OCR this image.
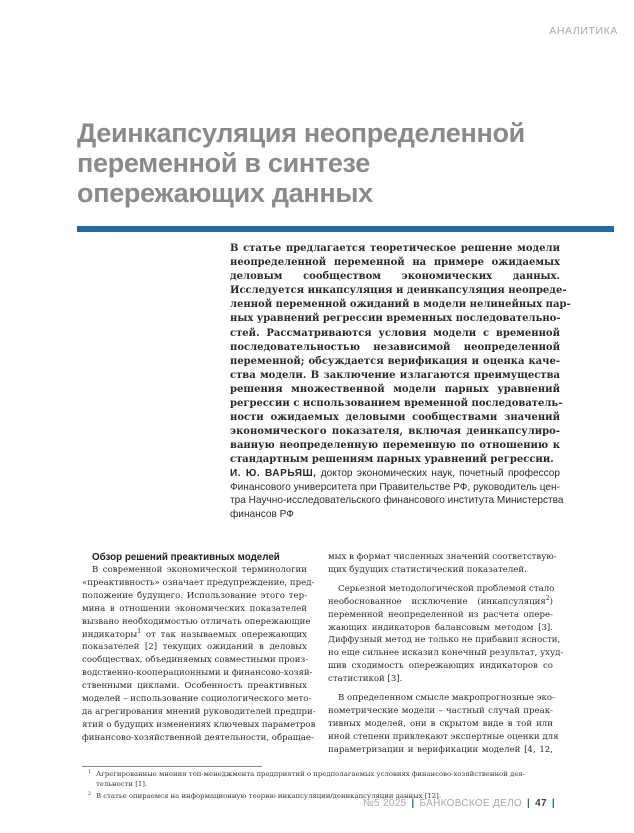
АНАЛИТИКА
Деинкапсуляция неопределенной
переменной в синтезе
опережающих данных
В статье предлагается теоретическое решение модели
неопределенной переменной на примере ожидаемых
деловым сообществом экономических данных.
Исследуется инкапсуляция и деинкапсуляция неопреде-
ленной переменной ожиданий в модели нелинейных пар-
ных уравнений регрессии временных последовательно-
стей. Рассматриваются условия модели с временной
последовательностью независимой неопределенной
переменной; обсуждается верификация и оценка каче-
ства модели. В заключение излагаются преимущества
решения множественной модели парных уравнений
регрессии с использованием временной последователь-
ности ожидаемых деловыми сообществами значений
экономического показателя, включая деинкапсулиро-
ванную неопределенную переменную по отношению к
стандартным решениям парных уравнений регрессии.
И. Ю. ВАРЬЯШ, доктор экономических наук, почетный профессор
Финансового университета при Правительстве РФ, руководитель цен-
тра Научно-исследовательского финансового института Министерства
финансов РФ
Обзор решений преактивных моделей
В современной экономической терминологии
«преактивность» означает предупреждение, пред-
положение будущего. Использование этого тер-
мина в отношении экономических показателей
вызвано необходимостью отличать опережающие
индикаторы$^1$ от так называемых опережающих
показателей [2] текущих ожиданий в деловых
сообществах, объединяемых совместными произ-
водственно-кооперационными и финансово-хозяй-
ственными циклами. Особенность преактивных
моделей – использование социологического мето-
да агрегирования мнений руководителей предпри-
ятий о будущих изменениях ключевых параметров
финансово-хозяйственной деятельности, обращае-
мых в формат численных значений соответствую-
щих будущих статистический показателей.
Серьезной методологической проблемой стало
необоснованное исключение (инкапсуляция$^2$)
переменной неопределенной из расчета опере-
жающих индикаторов балансовым методом [3].
Диффузный метод не только не прибавил ясности,
но еще сильнее исказил конечный результат, ухуд-
шив сходимость опережающих индикаторов со
статистикой [3].
В определенном смысле макропрогнозные эко-
нометрические модели – частный случай преак-
тивных моделей, они в скрытом виде в той или
иной степени привлекают экспертные оценки для
параметризации и верификации моделей [4, 12,
1 Агрегированные мнения топ-менеджмента предприятий о предполагаемых условиях финансово-хозяйственной дея-
тельности [1].
2 В статье опираемся на информационную теорию инкапсуляции/деинкапсуляции данных [12].
№5 2025 | БАНКОВСКОЕ ДЕЛО | 47 |
